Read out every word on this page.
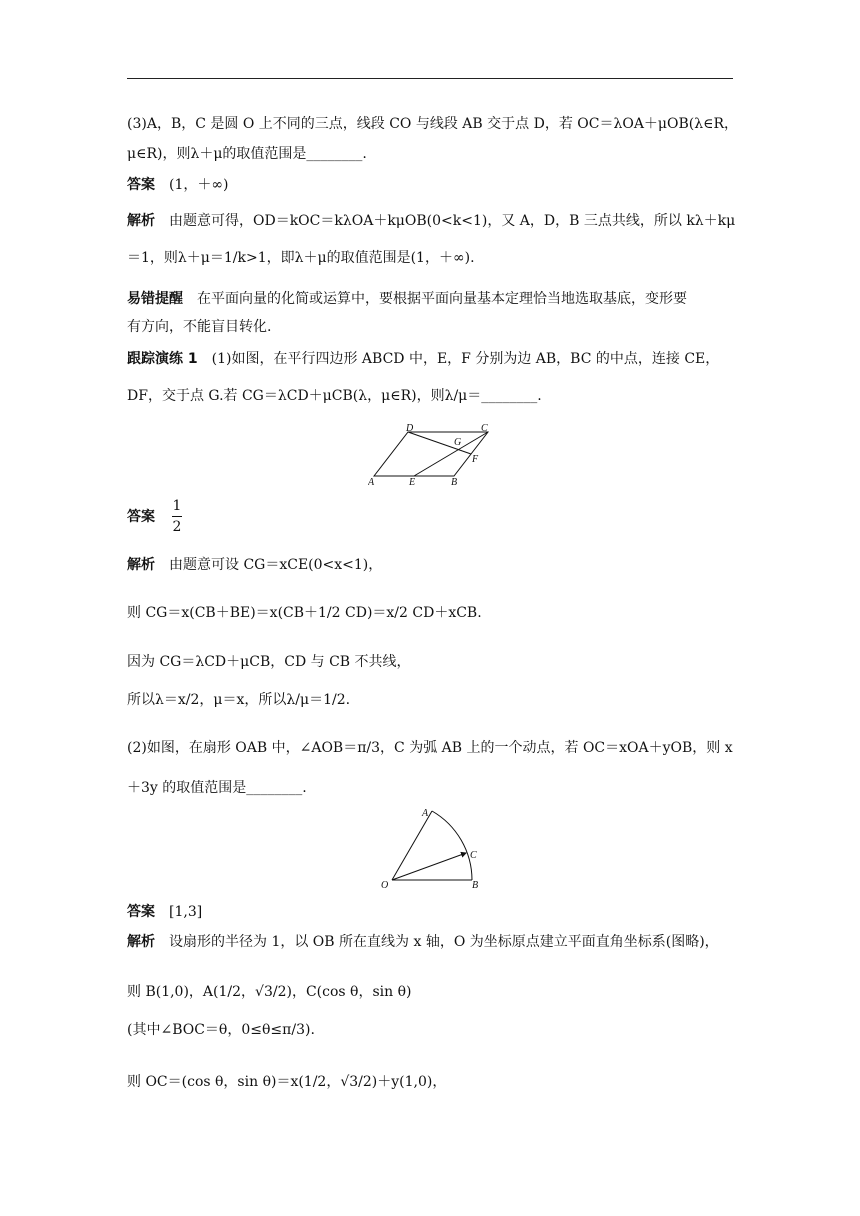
(3)A，B，C 是圆 O 上不同的三点，线段 CO 与线段 AB 交于点 D，若 OC＝λOA＋μOB(λ∈R，
μ∈R)，则λ＋μ的取值范围是________.
答案 (1，＋∞)
解析 由题意可得，OD＝kOC＝kλOA＋kμOB(0<k<1)，又 A，D，B 三点共线，所以 kλ＋kμ
＝1，则λ＋μ＝1/k>1，即λ＋μ的取值范围是(1，＋∞).
易错提醒 在平面向量的化简或运算中，要根据平面向量基本定理恰当地选取基底，变形要
有方向，不能盲目转化.
跟踪演练 1 (1)如图，在平行四边形 ABCD 中，E，F 分别为边 AB，BC 的中点，连接 CE，
DF，交于点 G.若 CG＝λCD＋μCB(λ，μ∈R)，则λ/μ＝________.
A	E	B
D	C
G
F
答案
1
2
解析 由题意可设 CG＝xCE(0<x<1)，
则 CG＝x(CB＋BE)＝x(CB＋1/2 CD)＝x/2 CD＋xCB.
因为 CG＝λCD＋μCB，CD 与 CB 不共线，
所以λ＝x/2，μ＝x，所以λ/μ＝1/2.
(2)如图，在扇形 OAB 中，∠AOB＝π/3，C 为弧 AB 上的一个动点，若 OC＝xOA＋yOB，则 x
＋3y 的取值范围是________.
O
A
C
B
答案 [1,3]
解析 设扇形的半径为 1，以 OB 所在直线为 x 轴，O 为坐标原点建立平面直角坐标系(图略)，
则 B(1,0)，A(1/2，√3/2)，C(cos θ，sin θ)
(其中∠BOC＝θ，0≤θ≤π/3).
则 OC＝(cos θ，sin θ)＝x(1/2，√3/2)＋y(1,0)，
